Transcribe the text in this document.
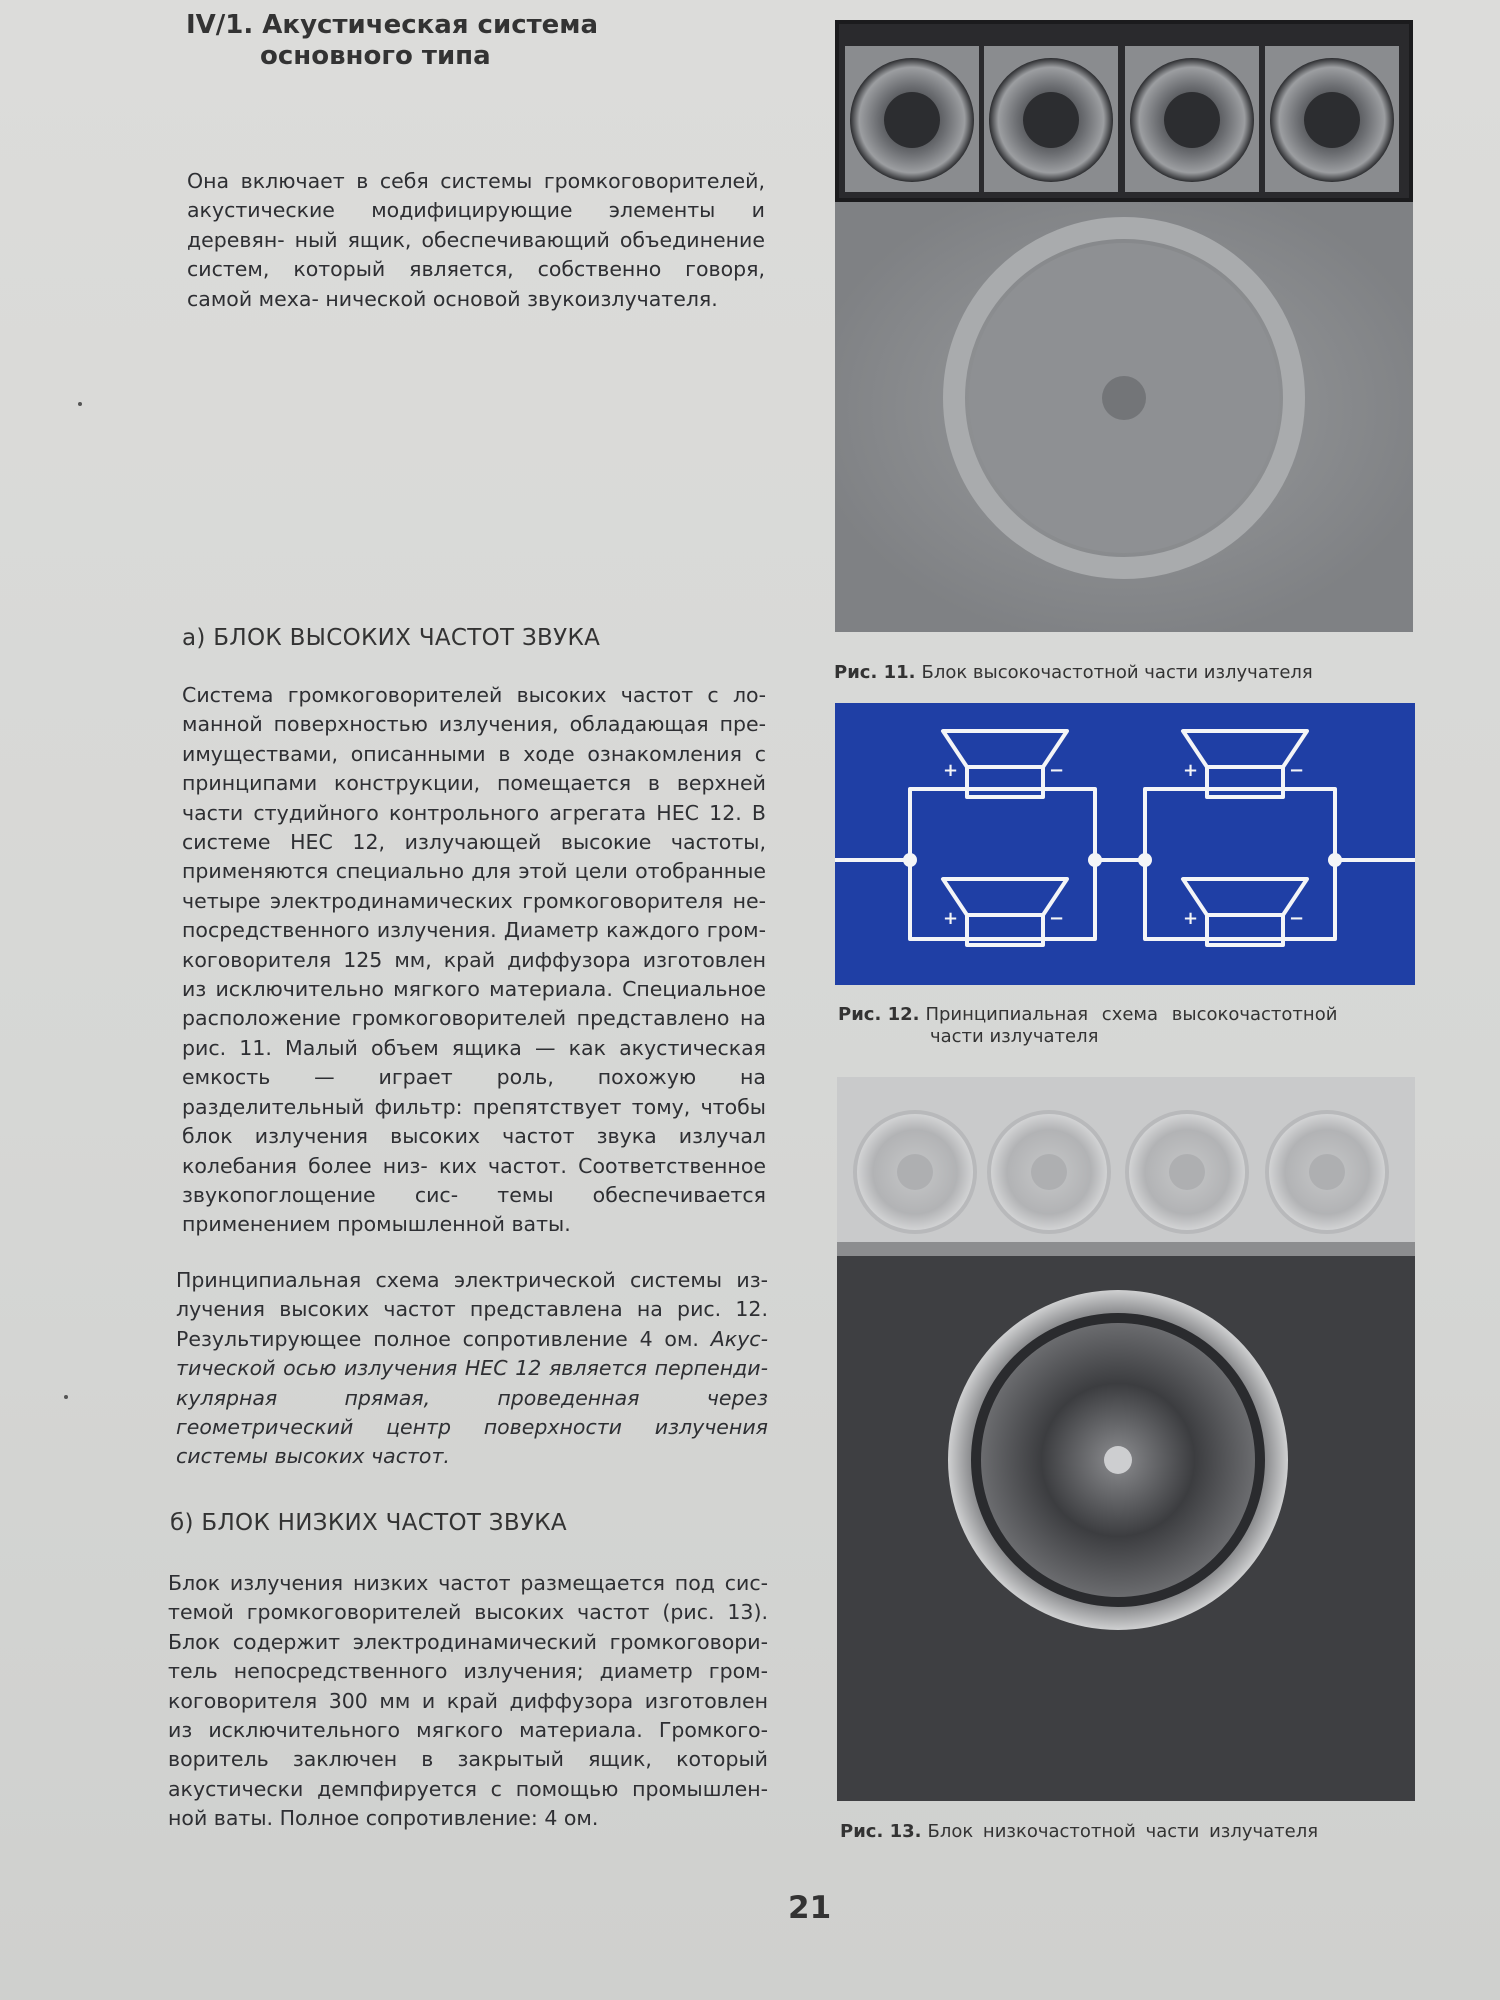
IV/1. Акустическая система
основного типа

Она включает в себя системы громкоговорителей, акустические модифицирующие элементы и деревян- ный ящик, обеспечивающий объединение систем, который является, собственно говоря, самой меха- нической основой звукоизлучателя.

а) БЛОК ВЫСОКИХ ЧАСТОТ ЗВУКА

Система громкоговорителей высоких частот с ло- манной поверхностью излучения, обладающая пре- имуществами, описанными в ходе ознакомления с принципами конструкции, помещается в верхней части студийного контрольного агрегата НЕС 12. В системе НЕС 12, излучающей высокие частоты, применяются специально для этой цели отобранные четыре электродинамических громкоговорителя не- посредственного излучения. Диаметр каждого гром- коговорителя 125 мм, край диффузора изготовлен из исключительно мягкого материала. Специальное расположение громкоговорителей представлено на рис. 11. Малый объем ящика — как акустическая емкость — играет роль, похожую на разделительный фильтр: препятствует тому, чтобы блок излучения высоких частот звука излучал колебания более низ- ких частот. Соответственное звукопоглощение сис- темы обеспечивается применением промышленной ваты.

Принципиальная схема электрической системы из- лучения высоких частот представлена на рис. 12. Результирующее полное сопротивление 4 ом. Акус- тической осью излучения НЕС 12 является перпенди- кулярная прямая, проведенная через геометрический центр поверхности излучения системы высоких частот.

б) БЛОК НИЗКИХ ЧАСТОТ ЗВУКА

Блок излучения низких частот размещается под сис- темой громкоговорителей высоких частот (рис. 13). Блок содержит электродинамический громкоговори- тель непосредственного излучения; диаметр гром- коговорителя 300 мм и край диффузора изготовлен из исключительного мягкого материала. Громкого- воритель заключен в закрытый ящик, который акустически демпфируется с помощью промышлен- ной ваты. Полное сопротивление: 4 ом.

Рис. 11. Блок высокочастотной части излучателя
+	−	+	−
+	−	+	−
Рис. 12. Принципиальная схема высокочастотной
части излучателя
Рис. 13. Блок низкочастотной части излучателя
21
